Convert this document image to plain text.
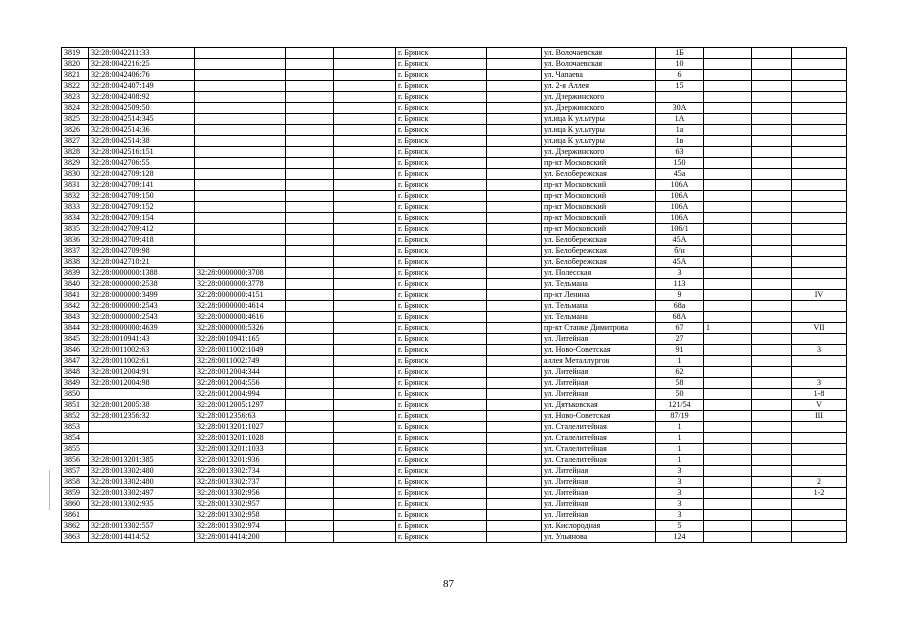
3819	32:28:0042211:33				г. Брянск		ул. Волочаевская	1Б			
3820	32:28:0042216:25				г. Брянск		ул. Волочаевская	10			
3821	32:28:0042406:76				г. Брянск		ул. Чапаева	6			
3822	32:28:0042407:149				г. Брянск		ул. 2-я Аллея	15			
3823	32:28:0042408:92				г. Брянск		ул. Дзержинского				
3824	32:28:0042509:50				г. Брянск		ул. Дзержинского	30А			
3825	32:28:0042514:345				г. Брянск		ул.ица К ул.ьтуры	1А			
3826	32:28:0042514:36				г. Брянск		ул.ица К ул.ьтуры	1а			
3827	32:28:0042514:38				г. Брянск		ул.ица К ул.ьтуры	1в			
3828	32:28:0042516:151				г. Брянск		ул. Дзержинского	63			
3829	32:28:0042706:55				г. Брянск		пр-кт Московский	150			
3830	32:28:0042709:128				г. Брянск		ул. Белобережская	45а			
3831	32:28:0042709:141				г. Брянск		пр-кт Московский	106А			
3832	32:28:0042709:150				г. Брянск		пр-кт Московский	106А			
3833	32:28:0042709:152				г. Брянск		пр-кт Московский	106А			
3834	32:28:0042709:154				г. Брянск		пр-кт Московский	106А			
3835	32:28:0042709:412				г. Брянск		пр-кт Московский	106/1			
3836	32:28:0042709:418				г. Брянск		ул. Белобережская	45А			
3837	32:28:0042709:98				г. Брянск		ул. Белобережская	б/н			
3838	32:28:0042710:21				г. Брянск		ул. Белобережская	45А			
3839	32:28:0000000:1388	32:28:0000000:3708			г. Брянск		ул. Полесская	3			
3840	32:28:0000000:2538	32:28:0000000:3778			г. Брянск		ул. Тельмана	113			
3841	32:28:0000000:3499	32:28:0000000:4151			г. Брянск		пр-кт Ленина	9			IV
3842	32:28:0000000:2543	32:28:0000000:4614			г. Брянск		ул. Тельмана	68а			
3843	32:28:0000000:2543	32:28:0000000:4616			г. Брянск		ул. Тельмана	68А			
3844	32:28:0000000:4639	32:28:0000000:5326			г. Брянск		пр-кт Станке Димитрова	67	1		VII
3845	32:28:0010941:43	32:28:0010941:165			г. Брянск		ул. Литейная	27			
3846	32:28:0011002:63	32:28:0011002:1049			г. Брянск		ул. Ново-Советская	91			3
3847	32:28:0011002:61	32:28:0011002:749			г. Брянск		аллея Металлургов	1			
3848	32:28:0012004:91	32:28:0012004:344			г. Брянск		ул. Литейная	62			
3849	32:28:0012004:98	32:28:0012004:556			г. Брянск		ул. Литейная	58			3
3850		32:28:0012004:994			г. Брянск		ул. Литейная	50			1-8
3851	32:28:0012005:38	32:28:0012005:1297			г. Брянск		ул. Дятьковская	121/54			V
3852	32:28:0012356:32	32:28:0012356:63			г. Брянск		ул. Ново-Советская	87/19			III
3853		32:28:0013201:1027			г. Брянск		ул. Сталелитейная	1			
3854		32:28:0013201:1028			г. Брянск		ул. Сталелитейная	1			
3855		32:28:0013201:1033			г. Брянск		ул. Сталелитейная	1			
3856	32:28:0013201:385	32:28:0013201:936			г. Брянск		ул. Сталелитейная	1			
3857	32:28:0013302:480	32:28:0013302:734			г. Брянск		ул. Литейная	3			
3858	32:28:0013302:480	32:28:0013302:737			г. Брянск		ул. Литейная	3			2
3859	32:28:0013302:497	32:28:0013302:956			г. Брянск		ул. Литейная	3			1-2
3860	32:28:0013302:935	32:28:0013302:957			г. Брянск		ул. Литейная	3			
3861		32:28:0013302:958			г. Брянск		ул. Литейная	3			
3862	32:28:0013302:557	32:28:0013302:974			г. Брянск		ул. Кислородная	5			
3863	32:28:0014414:52	32:28:0014414:200			г. Брянск		ул. Ульянова	124			
87
